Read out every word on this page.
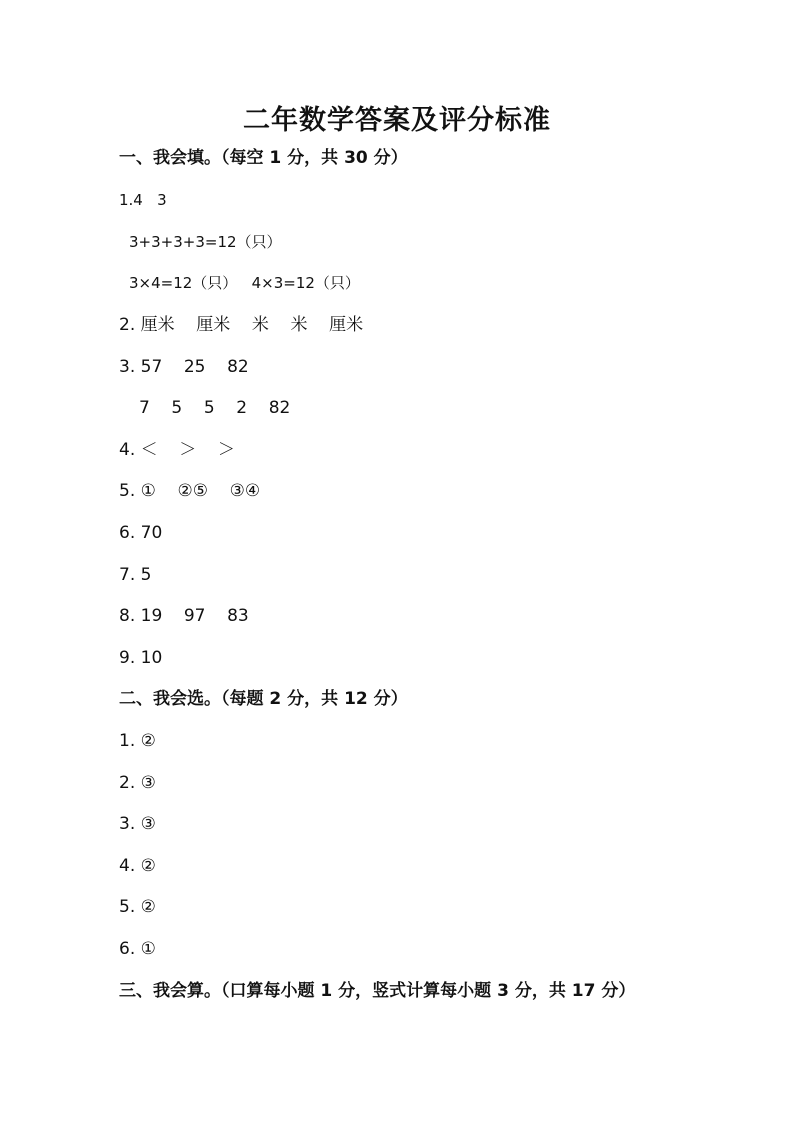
二年数学答案及评分标准
一、我会填。（每空 1 分，共 30 分）
1.4   3
3+3+3+3=12（只）
3×4=12（只）   4×3=12（只）
2. 厘米    厘米    米    米    厘米
3. 57    25    82
7    5    5    2    82
4. ＜    ＞    ＞
5. ①    ②⑤    ③④
6. 70
7. 5
8. 19    97    83
9. 10
二、我会选。（每题 2 分，共 12 分）
1. ②
2. ③
3. ③
4. ②
5. ②
6. ①
三、我会算。（口算每小题 1 分，竖式计算每小题 3 分，共 17 分）
